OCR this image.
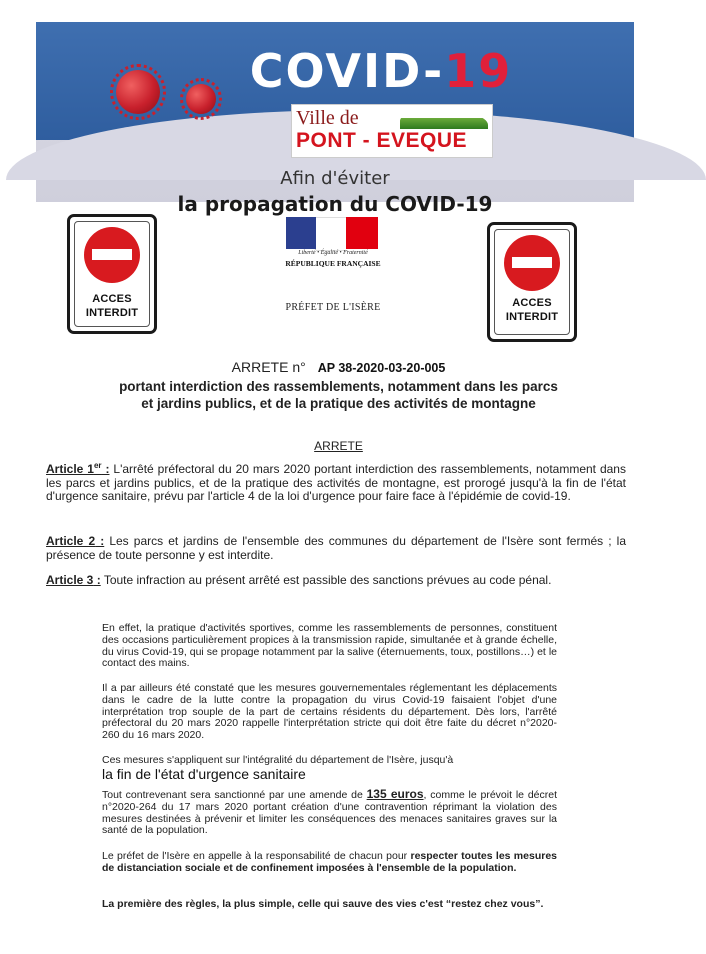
COVID-19
Ville de
PONT - EVEQUE
Afin d'éviter
la propagation du COVID-19
ACCES
INTERDIT
ACCES
INTERDIT
Liberté • Égalité • Fraternité
RÉPUBLIQUE FRANÇAISE
PRÉFET DE L'ISÈRE
ARRETE n° AP 38-2020-03-20-005
portant interdiction des rassemblements, notamment dans les parcs
et jardins publics, et de la pratique des activités de montagne
ARRETE
Article 1er : L'arrêté préfectoral du 20 mars 2020 portant interdiction des rassemblements, notamment dans les parcs et jardins publics, et de la pratique des activités de montagne, est prorogé jusqu'à la fin de l'état d'urgence sanitaire, prévu par l'article 4 de la loi d'urgence pour faire face à l'épidémie de covid-19.
Article 2 : Les parcs et jardins de l'ensemble des communes du département de l'Isère sont fermés ; la présence de toute personne y est interdite.
Article 3 : Toute infraction au présent arrêté est passible des sanctions prévues au code pénal.
En effet, la pratique d'activités sportives, comme les rassemblements de personnes, constituent des occasions particulièrement propices à la transmission rapide, simultanée et à grande échelle, du virus Covid-19, qui se propage notamment par la salive (éternuements, toux, postillons…) et le contact des mains.
Il a par ailleurs été constaté que les mesures gouvernementales réglementant les déplacements dans le cadre de la lutte contre la propagation du virus Covid-19 faisaient l'objet d'une interprétation trop souple de la part de certains résidents du département. Dès lors, l'arrêté préfectoral du 20 mars 2020 rappelle l'interprétation stricte qui doit être faite du décret n°2020-260 du 16 mars 2020.
Ces mesures s'appliquent sur l'intégralité du département de l'Isère, jusqu'à
la fin de l'état d'urgence sanitaire
Tout contrevenant sera sanctionné par une amende de 135 euros, comme le prévoit le décret n°2020-264 du 17 mars 2020 portant création d'une contravention réprimant la violation des mesures destinées à prévenir et limiter les conséquences des menaces sanitaires graves sur la santé de la population.
Le préfet de l'Isère en appelle à la responsabilité de chacun pour respecter toutes les mesures de distanciation sociale et de confinement imposées à l'ensemble de la population.
La première des règles, la plus simple, celle qui sauve des vies c'est “restez chez vous”.
